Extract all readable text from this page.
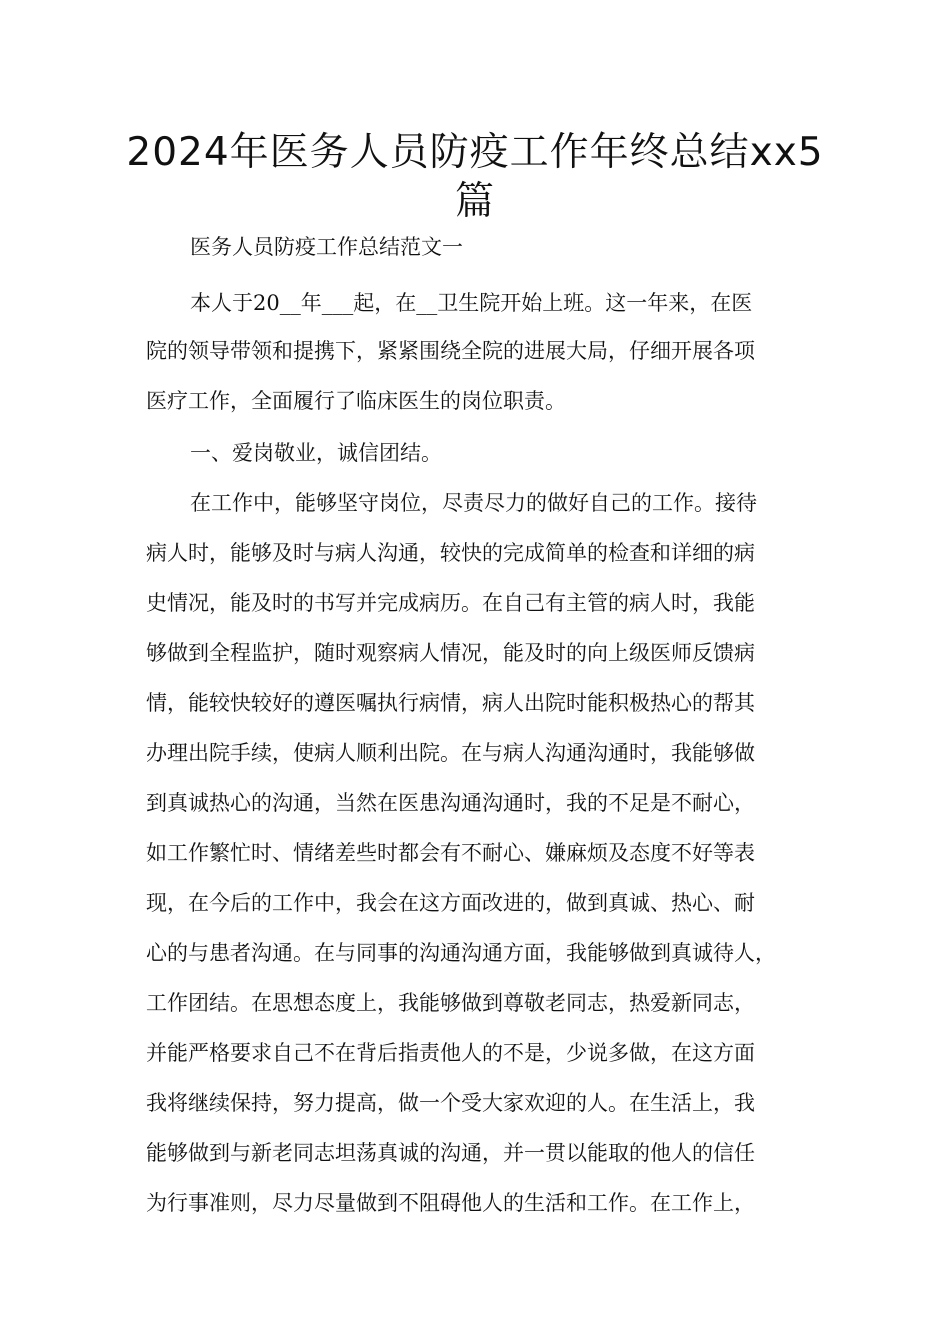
2024年医务人员防疫工作年终总结xx5
篇
医务人员防疫工作总结范文一
本人于20__年___起，在__卫生院开始上班。这一年来，在医
院的领导带领和提携下，紧紧围绕全院的进展大局，仔细开展各项
医疗工作，全面履行了临床医生的岗位职责。
一、爱岗敬业，诚信团结。
在工作中，能够坚守岗位，尽责尽力的做好自己的工作。接待
病人时，能够及时与病人沟通，较快的完成简单的检查和详细的病
史情况，能及时的书写并完成病历。在自己有主管的病人时，我能
够做到全程监护，随时观察病人情况，能及时的向上级医师反馈病
情，能较快较好的遵医嘱执行病情，病人出院时能积极热心的帮其
办理出院手续，使病人顺利出院。在与病人沟通沟通时，我能够做
到真诚热心的沟通，当然在医患沟通沟通时，我的不足是不耐心，
如工作繁忙时、情绪差些时都会有不耐心、嫌麻烦及态度不好等表
现，在今后的工作中，我会在这方面改进的，做到真诚、热心、耐
心的与患者沟通。在与同事的沟通沟通方面，我能够做到真诚待人，
工作团结。在思想态度上，我能够做到尊敬老同志，热爱新同志，
并能严格要求自己不在背后指责他人的不是，少说多做，在这方面
我将继续保持，努力提高，做一个受大家欢迎的人。在生活上，我
能够做到与新老同志坦荡真诚的沟通，并一贯以能取的他人的信任
为行事准则，尽力尽量做到不阻碍他人的生活和工作。在工作上，
